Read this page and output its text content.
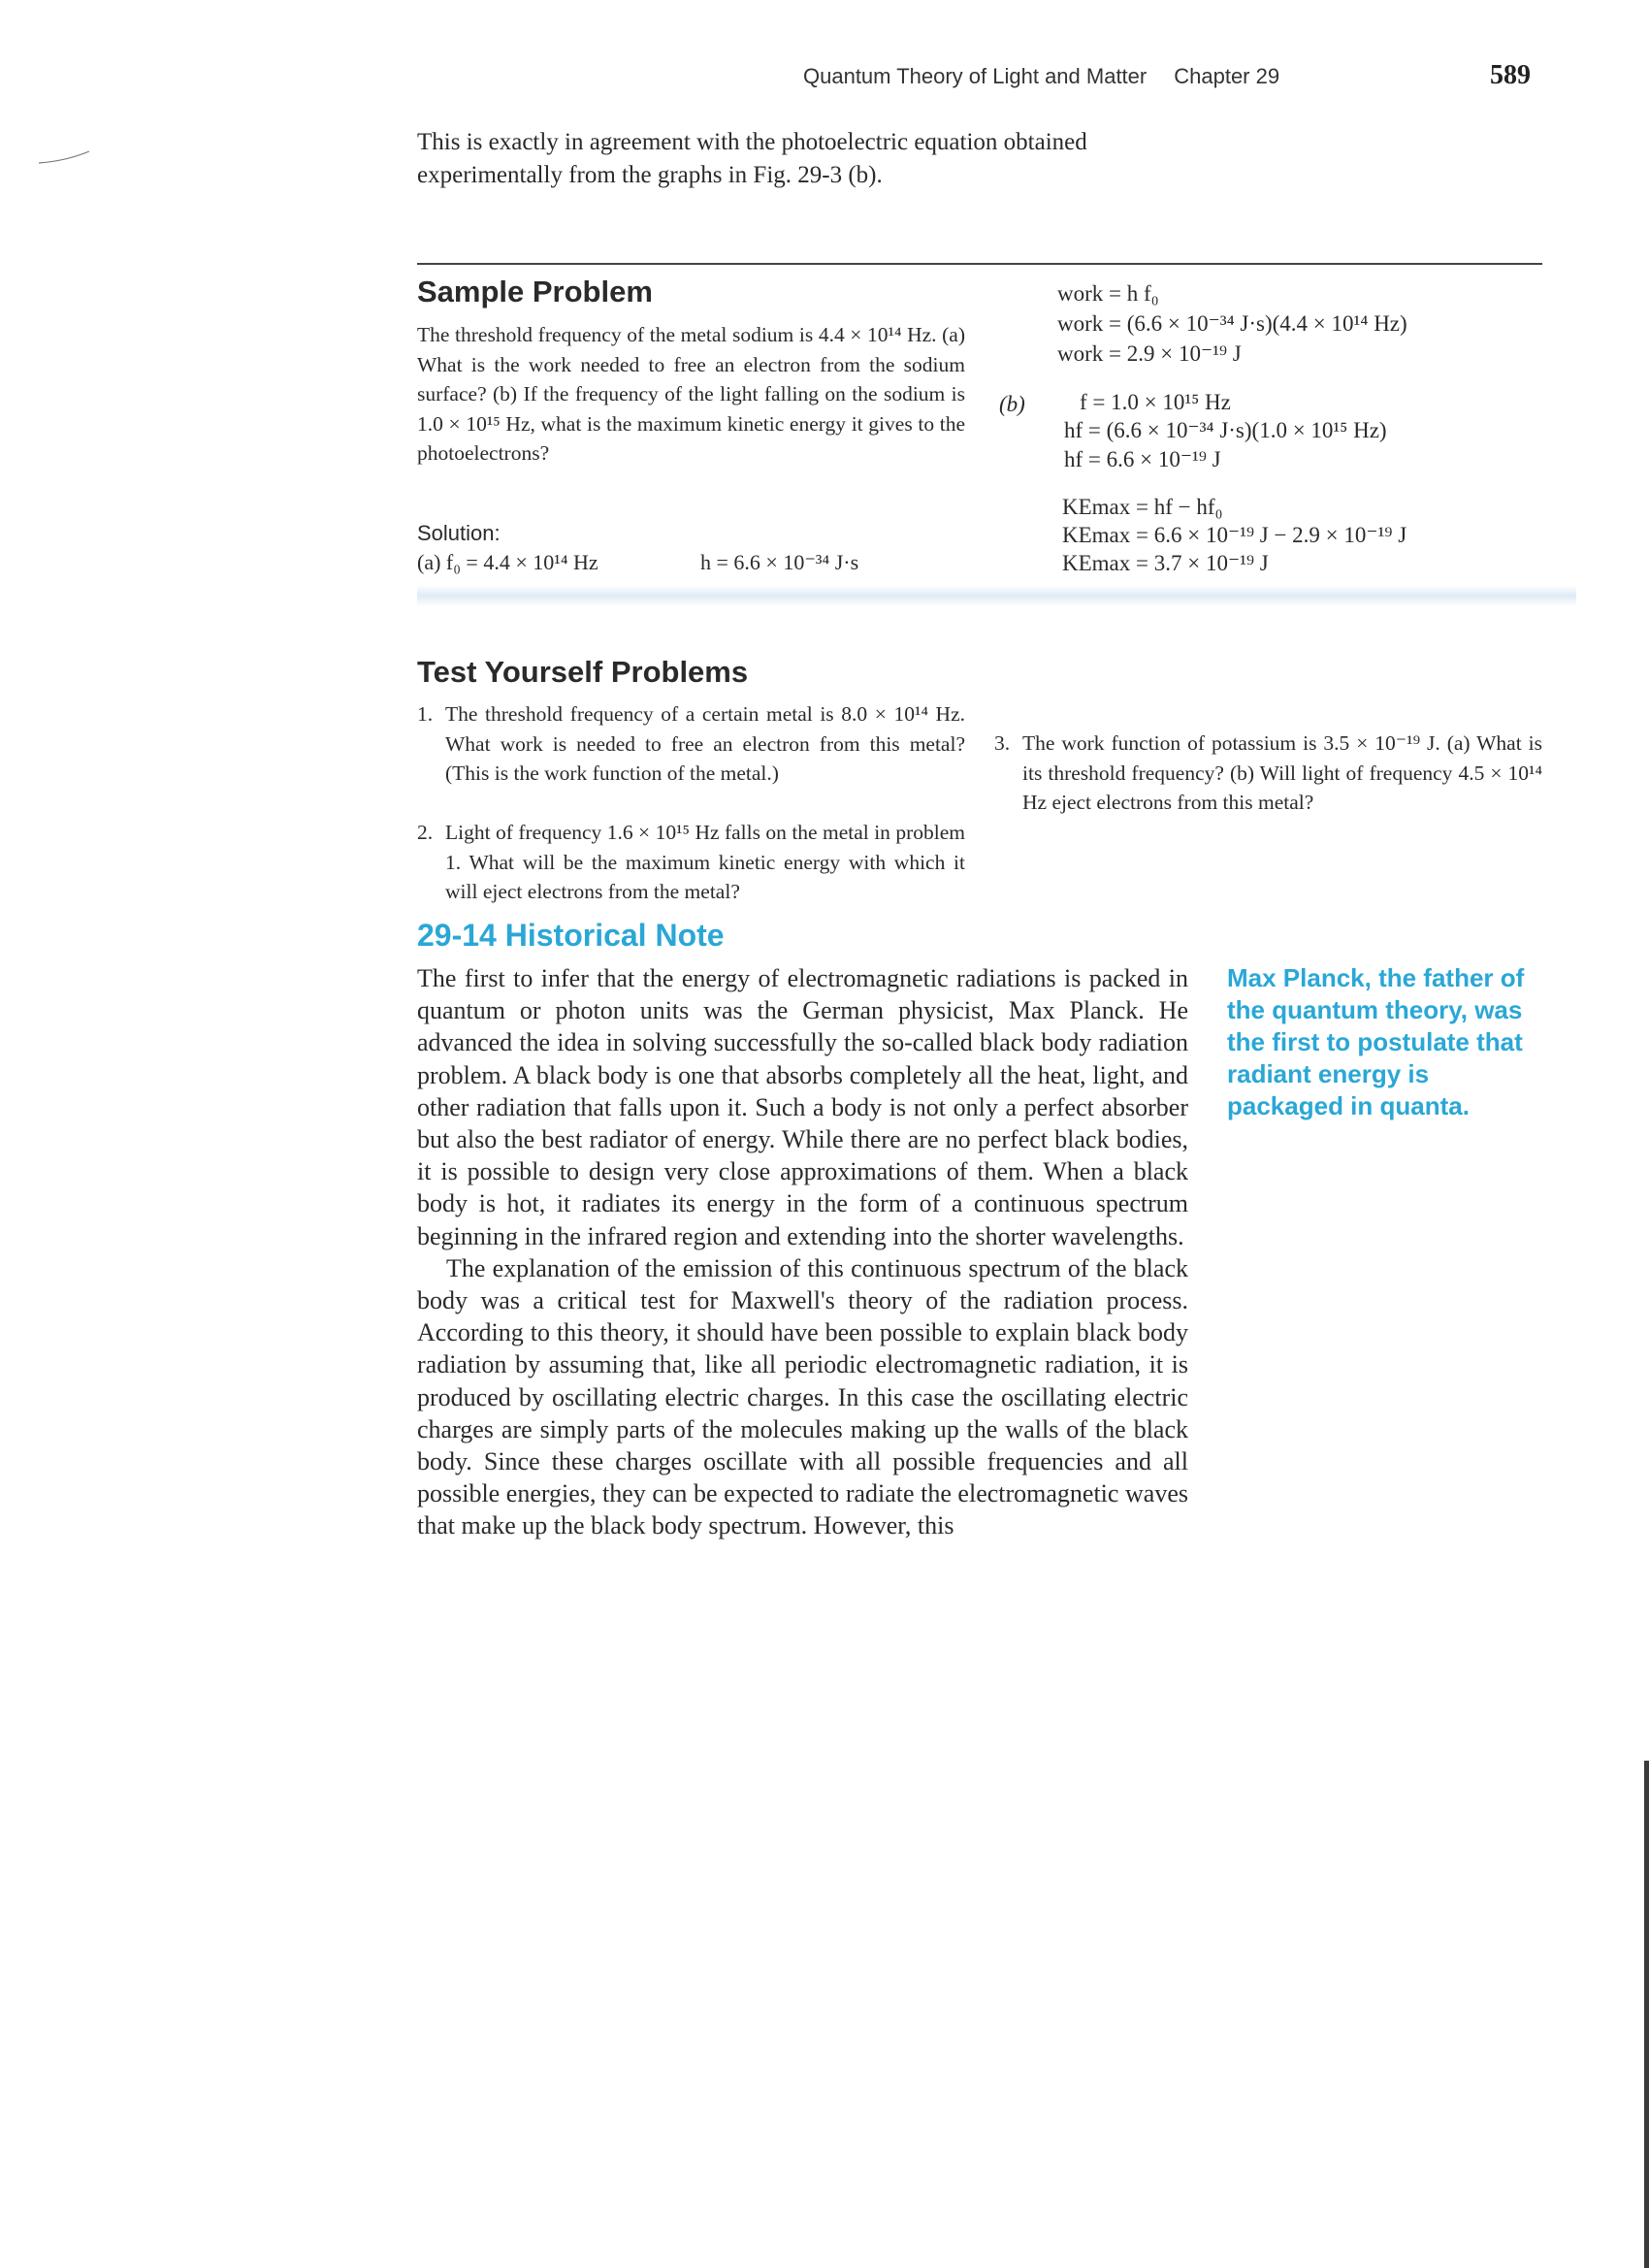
Quantum Theory of Light and Matter Chapter 29	589

This is exactly in agreement with the photoelectric equation obtained experimentally from the graphs in Fig. 29-3 (b).

Sample Problem

The threshold frequency of the metal sodium is 4.4 × 10¹⁴ Hz. (a) What is the work needed to free an electron from the sodium surface? (b) If the frequency of the light falling on the sodium is 1.0 × 10¹⁵ Hz, what is the maximum kinetic energy it gives to the photoelectrons?

Solution:
(a) f₀ = 4.4 × 10¹⁴ Hz	h = 6.6 × 10⁻³⁴ J·s
work = h f₀
work = (6.6 × 10⁻³⁴ J·s)(4.4 × 10¹⁴ Hz)
work = 2.9 × 10⁻¹⁹ J
(b) f = 1.0 × 10¹⁵ Hz
hf = (6.6 × 10⁻³⁴ J·s)(1.0 × 10¹⁵ Hz)
hf = 6.6 × 10⁻¹⁹ J
KEmax = hf − hf₀
KEmax = 6.6 × 10⁻¹⁹ J − 2.9 × 10⁻¹⁹ J
KEmax = 3.7 × 10⁻¹⁹ J
Test Yourself Problems
1. The threshold frequency of a certain metal is 8.0 × 10¹⁴ Hz. What work is needed to free an electron from this metal? (This is the work function of the metal.)
2. Light of frequency 1.6 × 10¹⁵ Hz falls on the metal in problem 1. What will be the maximum kinetic energy with which it will eject electrons from the metal?
3. The work function of potassium is 3.5 × 10⁻¹⁹ J. (a) What is its threshold frequency? (b) Will light of frequency 4.5 × 10¹⁴ Hz eject electrons from this metal?
29-14 Historical Note

The first to infer that the energy of electromagnetic radiations is packed in quantum or photon units was the German physicist, Max Planck. He advanced the idea in solving successfully the so-called black body radiation problem. A black body is one that absorbs completely all the heat, light, and other radiation that falls upon it. Such a body is not only a perfect absorber but also the best radiator of energy. While there are no perfect black bodies, it is possible to design very close approximations of them. When a black body is hot, it radiates its energy in the form of a continuous spectrum beginning in the infrared region and extending into the shorter wavelengths.

The explanation of the emission of this continuous spectrum of the black body was a critical test for Maxwell's theory of the radiation process. According to this theory, it should have been possible to explain black body radiation by assuming that, like all periodic electromagnetic radiation, it is produced by oscillating electric charges. In this case the oscillating electric charges are simply parts of the molecules making up the walls of the black body. Since these charges oscillate with all possible frequencies and all possible energies, they can be expected to radiate the electromagnetic waves that make up the black body spectrum. However, this

Max Planck, the father of the quantum theory, was the first to postulate that radiant energy is packaged in quanta.
